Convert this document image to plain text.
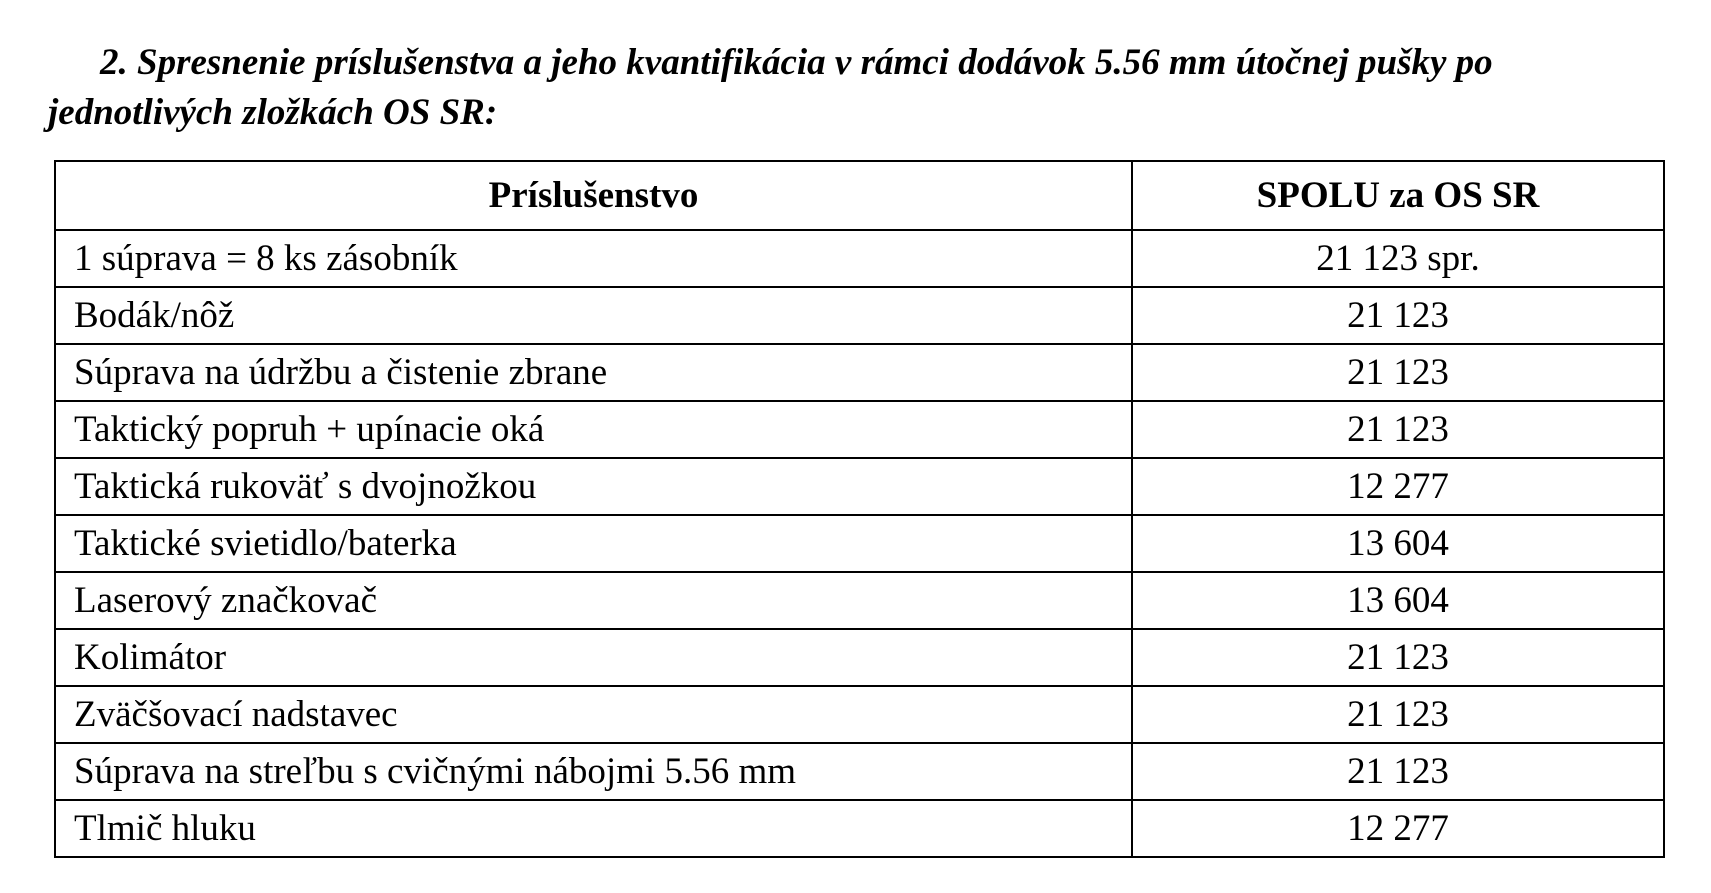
2. Spresnenie príslušenstva a jeho kvantifikácia v rámci dodávok 5.56 mm útočnej pušky po jednotlivých zložkách OS SR:

Príslušenstvo	SPOLU za OS SR
1 súprava = 8 ks zásobník	21 123 spr.
Bodák/nôž	21 123
Súprava na údržbu a čistenie zbrane	21 123
Taktický popruh + upínacie oká	21 123
Taktická rukoväť s dvojnožkou	12 277
Taktické svietidlo/baterka	13 604
Laserový značkovač	13 604
Kolimátor	21 123
Zväčšovací nadstavec	21 123
Súprava na streľbu s cvičnými nábojmi 5.56 mm	21 123
Tlmič hluku	12 277
